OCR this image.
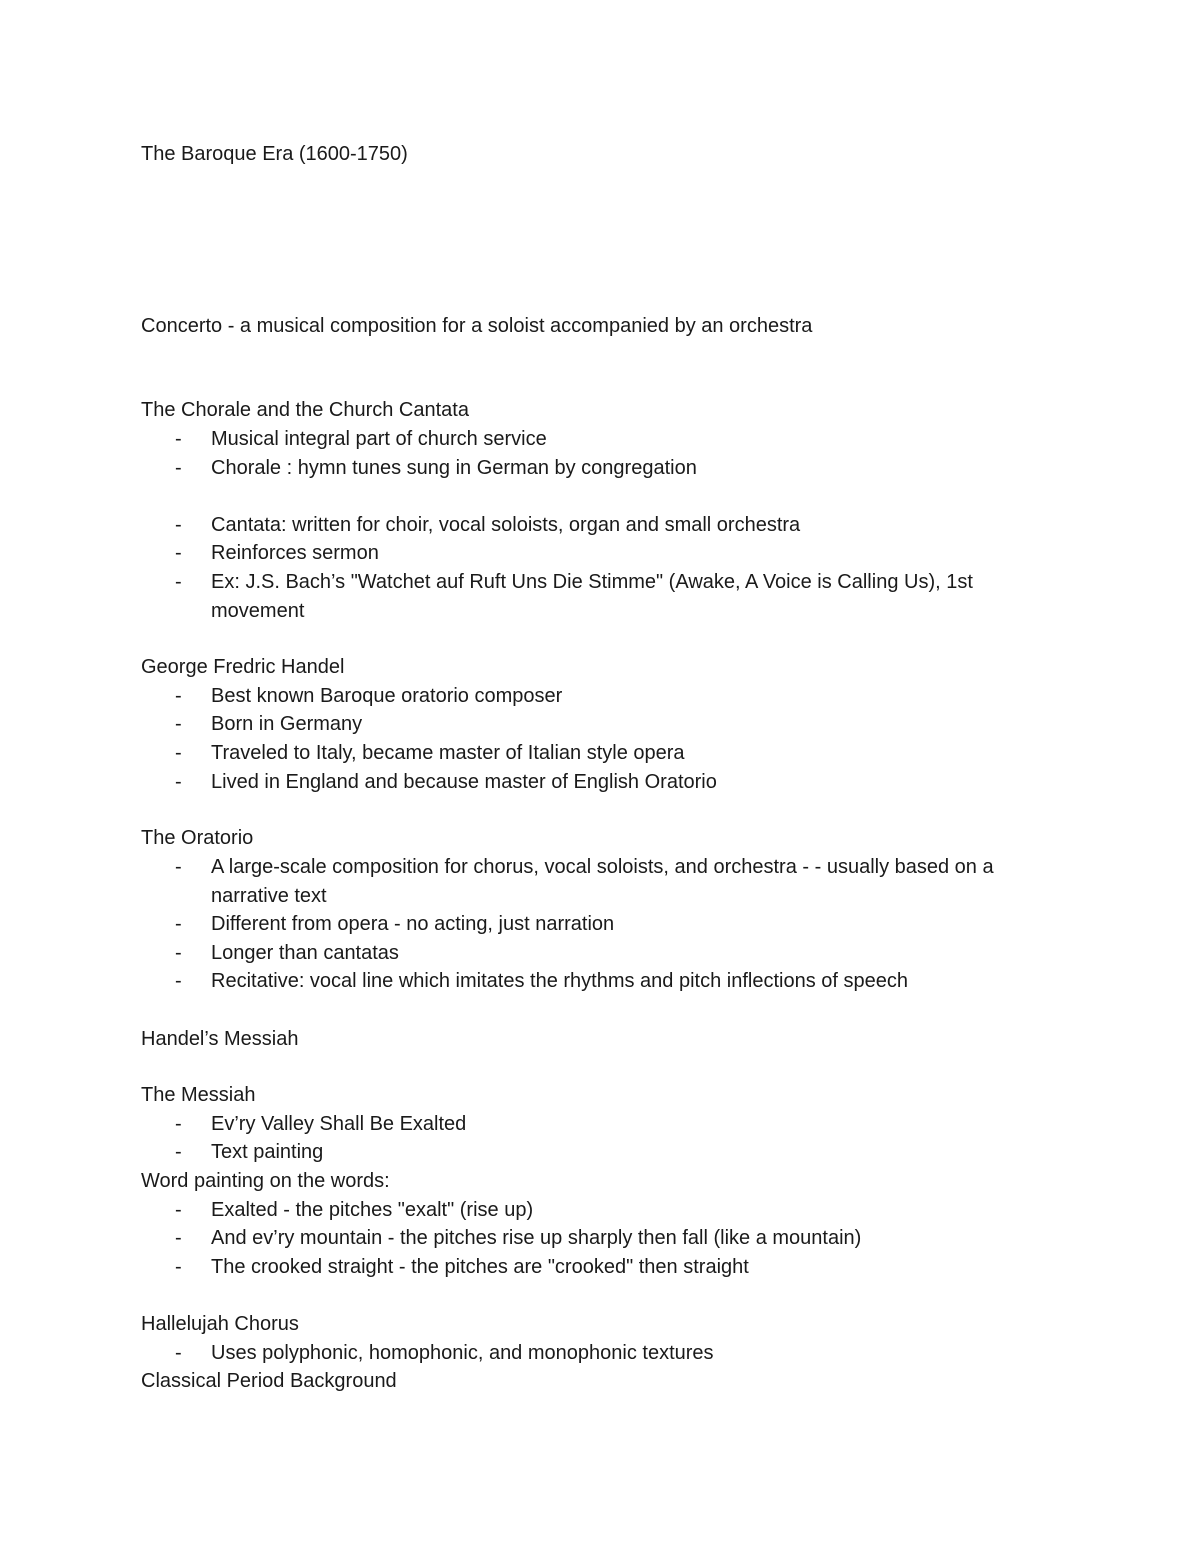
The Baroque Era (1600-1750)
Concerto - a musical composition for a soloist accompanied by an orchestra
The Chorale and the Church Cantata
- Musical integral part of church service
- Chorale : hymn tunes sung in German by congregation
- Cantata: written for choir, vocal soloists, organ and small orchestra
- Reinforces sermon
- Ex: J.S. Bach’s "Watchet auf Ruft Uns Die Stimme" (Awake, A Voice is Calling Us), 1st movement
George Fredric Handel
- Best known Baroque oratorio composer
- Born in Germany
- Traveled to Italy, became master of Italian style opera
- Lived in England and because master of English Oratorio
The Oratorio
- A large-scale composition for chorus, vocal soloists, and orchestra - - usually based on a narrative text
- Different from opera - no acting, just narration
- Longer than cantatas
- Recitative: vocal line which imitates the rhythms and pitch inflections of speech
Handel’s Messiah
The Messiah
- Ev’ry Valley Shall Be Exalted
- Text painting
Word painting on the words:
- Exalted - the pitches "exalt" (rise up)
- And ev’ry mountain - the pitches rise up sharply then fall (like a mountain)
- The crooked straight - the pitches are "crooked" then straight
Hallelujah Chorus
- Uses polyphonic, homophonic, and monophonic textures
Classical Period Background
